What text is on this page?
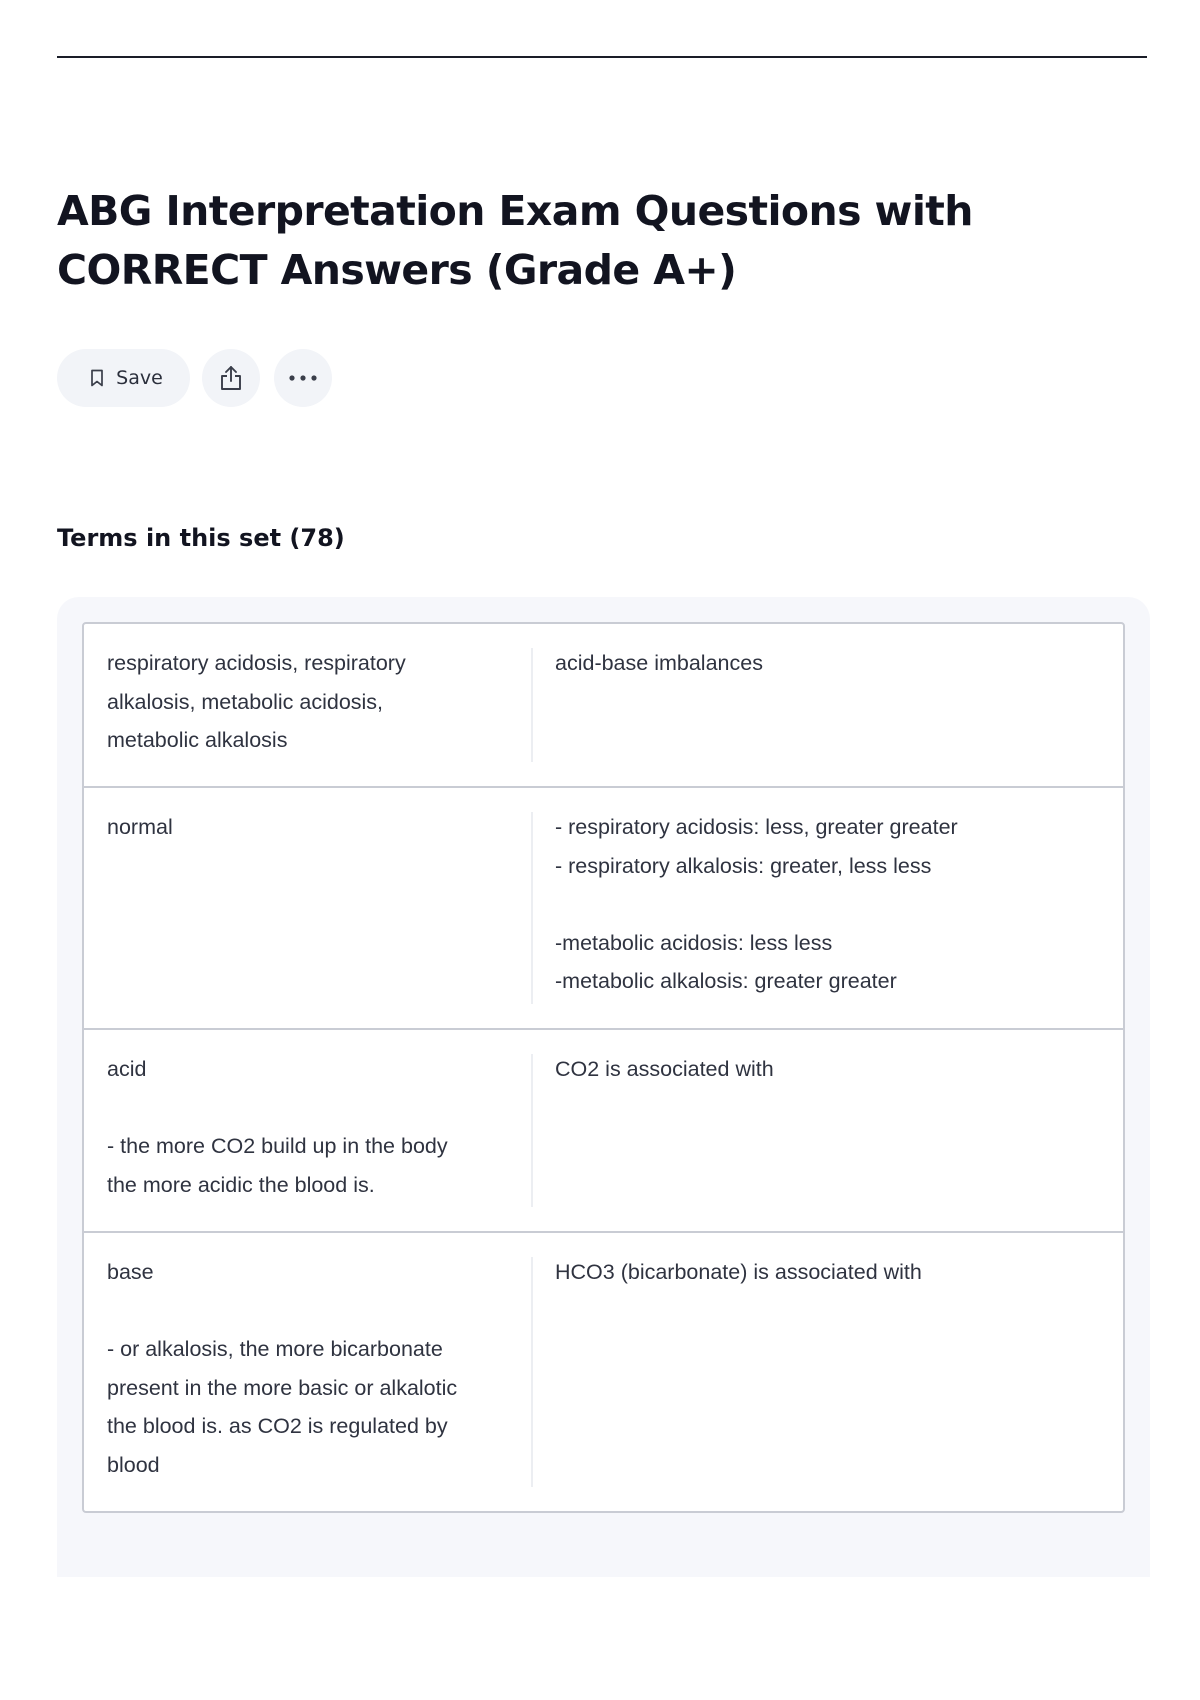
ABG Interpretation Exam Questions with CORRECT Answers (Grade A+)
Save
Terms in this set (78)
respiratory acidosis, respiratory
alkalosis, metabolic acidosis,
metabolic alkalosis
acid-base imbalances
normal	- respiratory acidosis: less, greater greater
- respiratory alkalosis: greater, less less

-metabolic acidosis: less less
-metabolic alkalosis: greater greater
acid

- the more CO2 build up in the body
the more acidic the blood is.
CO2 is associated with
base

- or alkalosis, the more bicarbonate
present in the more basic or alkalotic
the blood is. as CO2 is regulated by
blood
HCO3 (bicarbonate) is associated with
